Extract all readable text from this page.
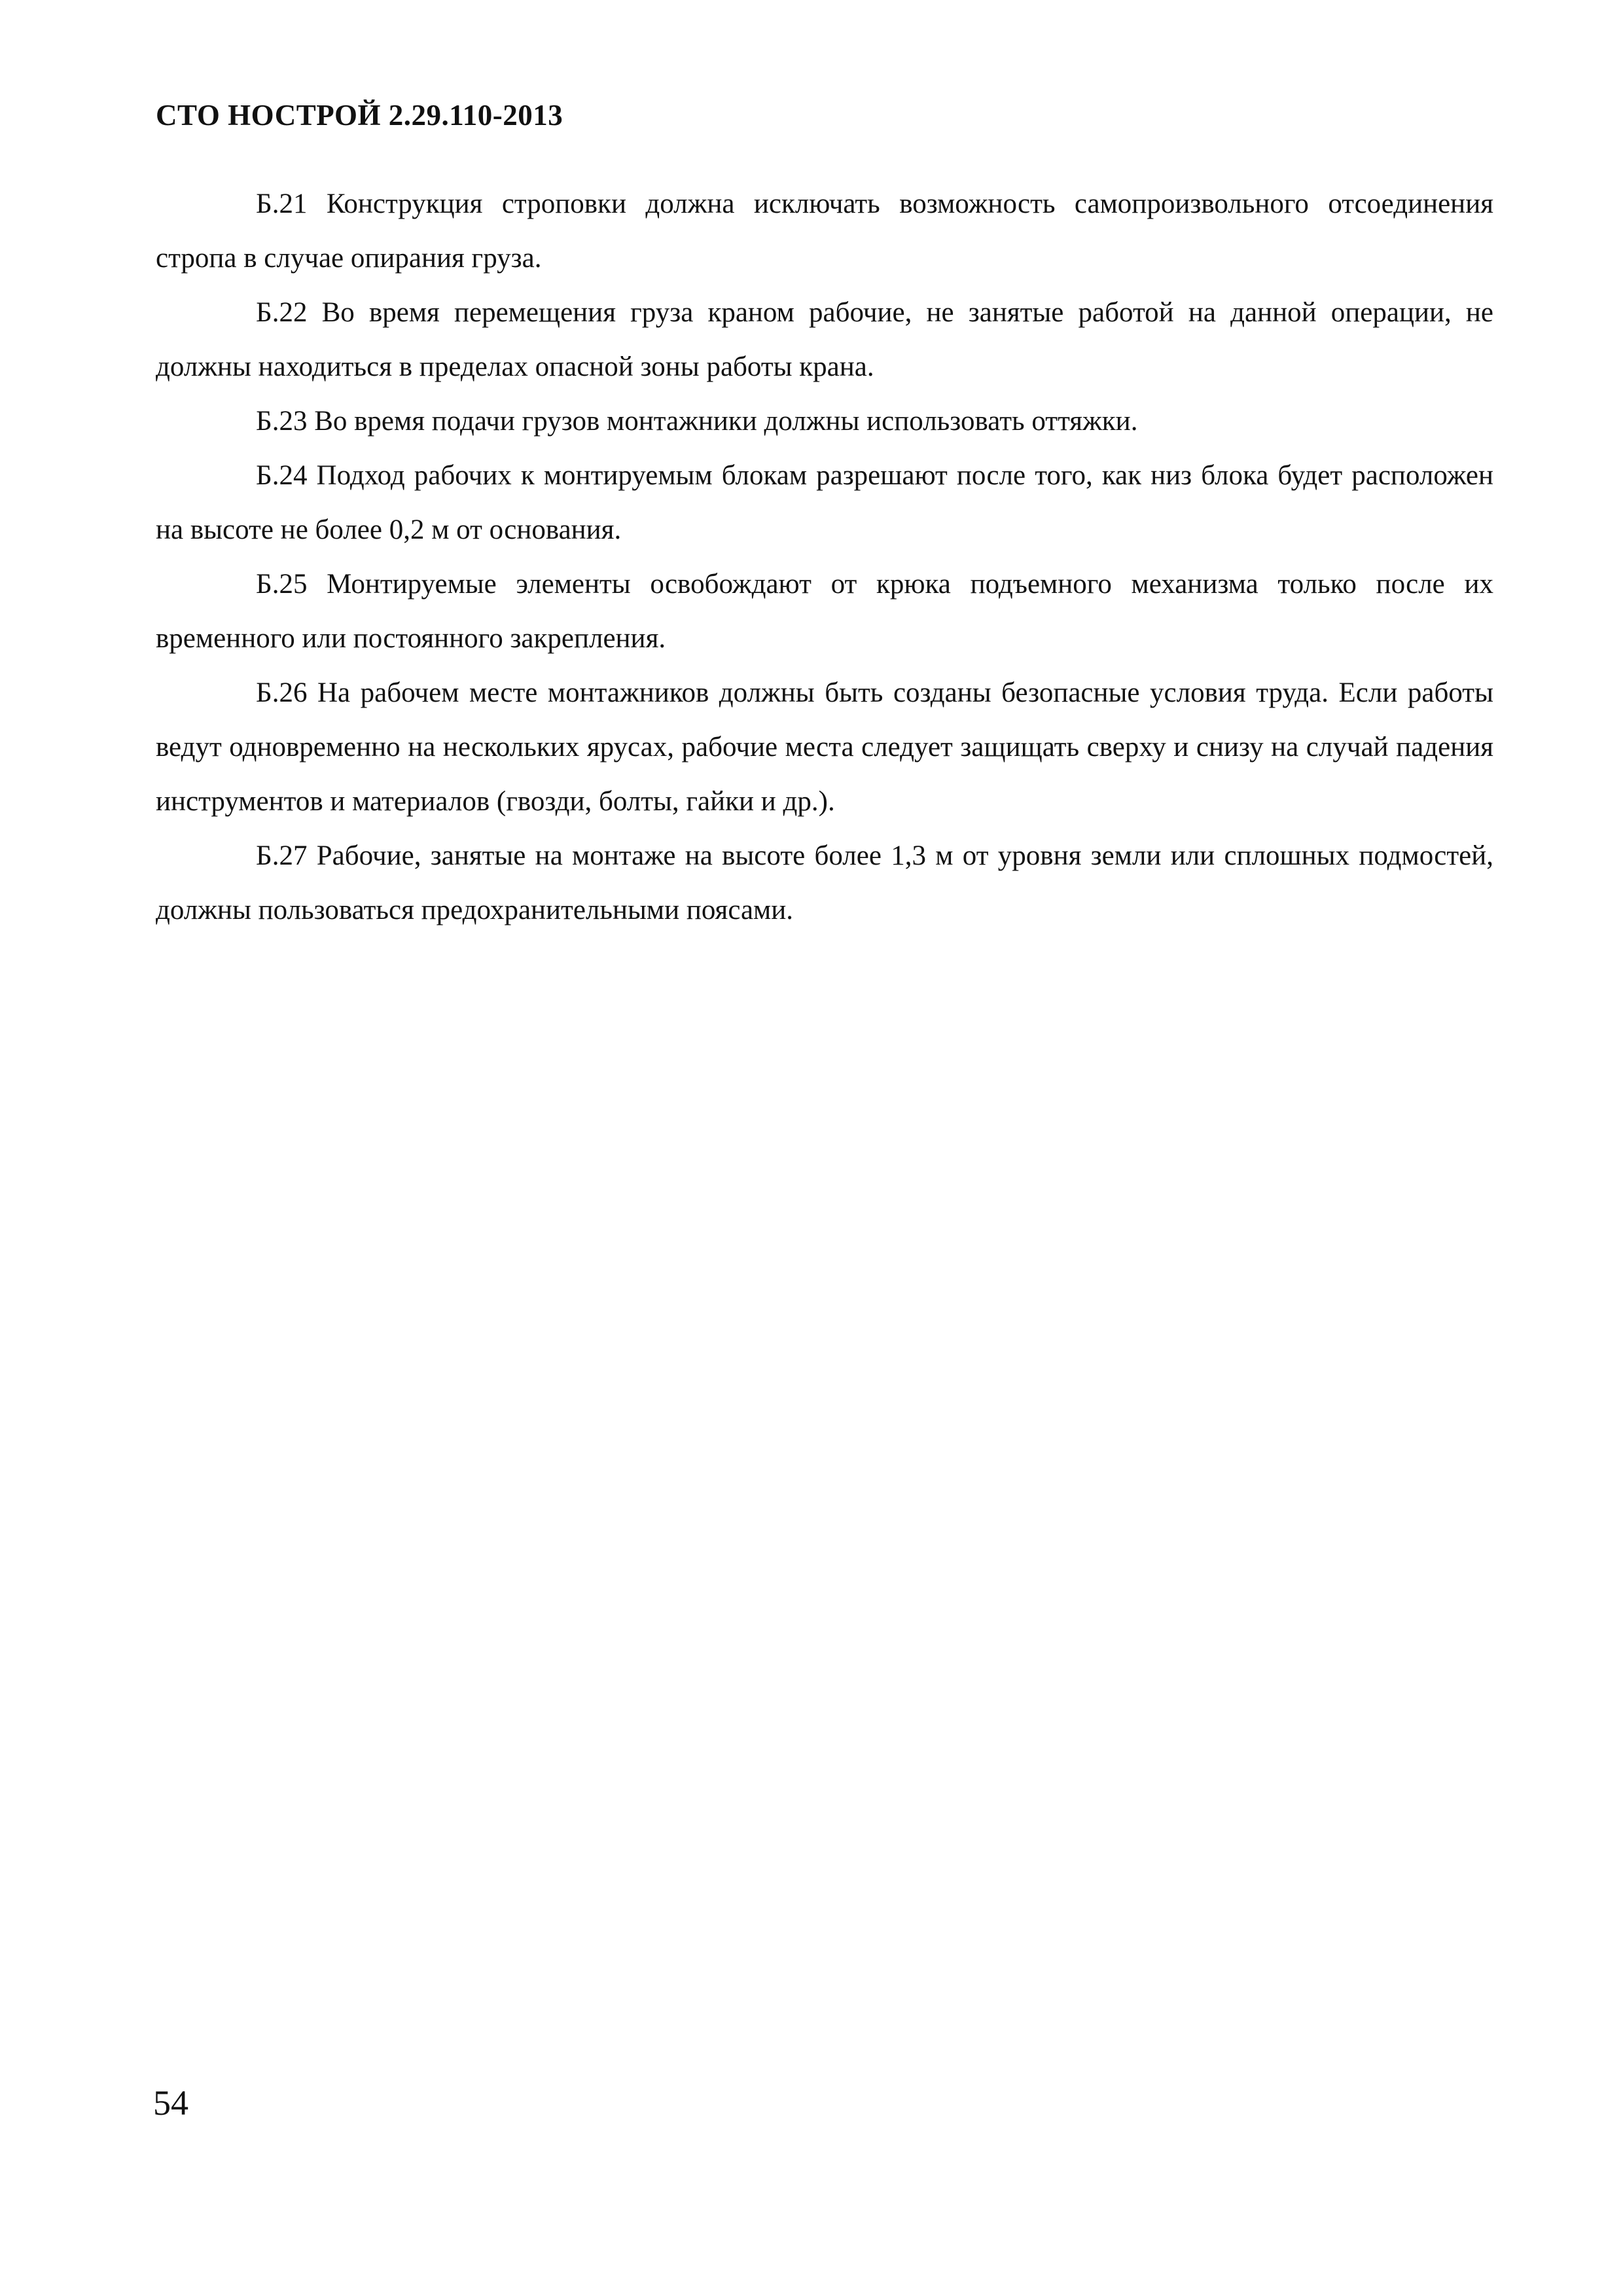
СТО НОСТРОЙ 2.29.110-2013

Б.21 Конструкция строповки должна исключать возможность самопроизвольного отсоединения стропа в случае опирания груза.

Б.22 Во время перемещения груза краном рабочие, не занятые работой на данной операции, не должны находиться в пределах опасной зоны работы крана.

Б.23 Во время подачи грузов монтажники должны использовать оттяжки.

Б.24 Подход рабочих к монтируемым блокам разрешают после того, как низ блока будет расположен на высоте не более 0,2 м от основания.

Б.25 Монтируемые элементы освобождают от крюка подъемного механизма только после их временного или постоянного закрепления.

Б.26 На рабочем месте монтажников должны быть созданы безопасные условия труда. Если работы ведут одновременно на нескольких ярусах, рабочие места следует защищать сверху и снизу на случай падения инструментов и материалов (гвозди, болты, гайки и др.).

Б.27 Рабочие, занятые на монтаже на высоте более 1,3 м от уровня земли или сплошных подмостей, должны пользоваться предохранительными поясами.

54
